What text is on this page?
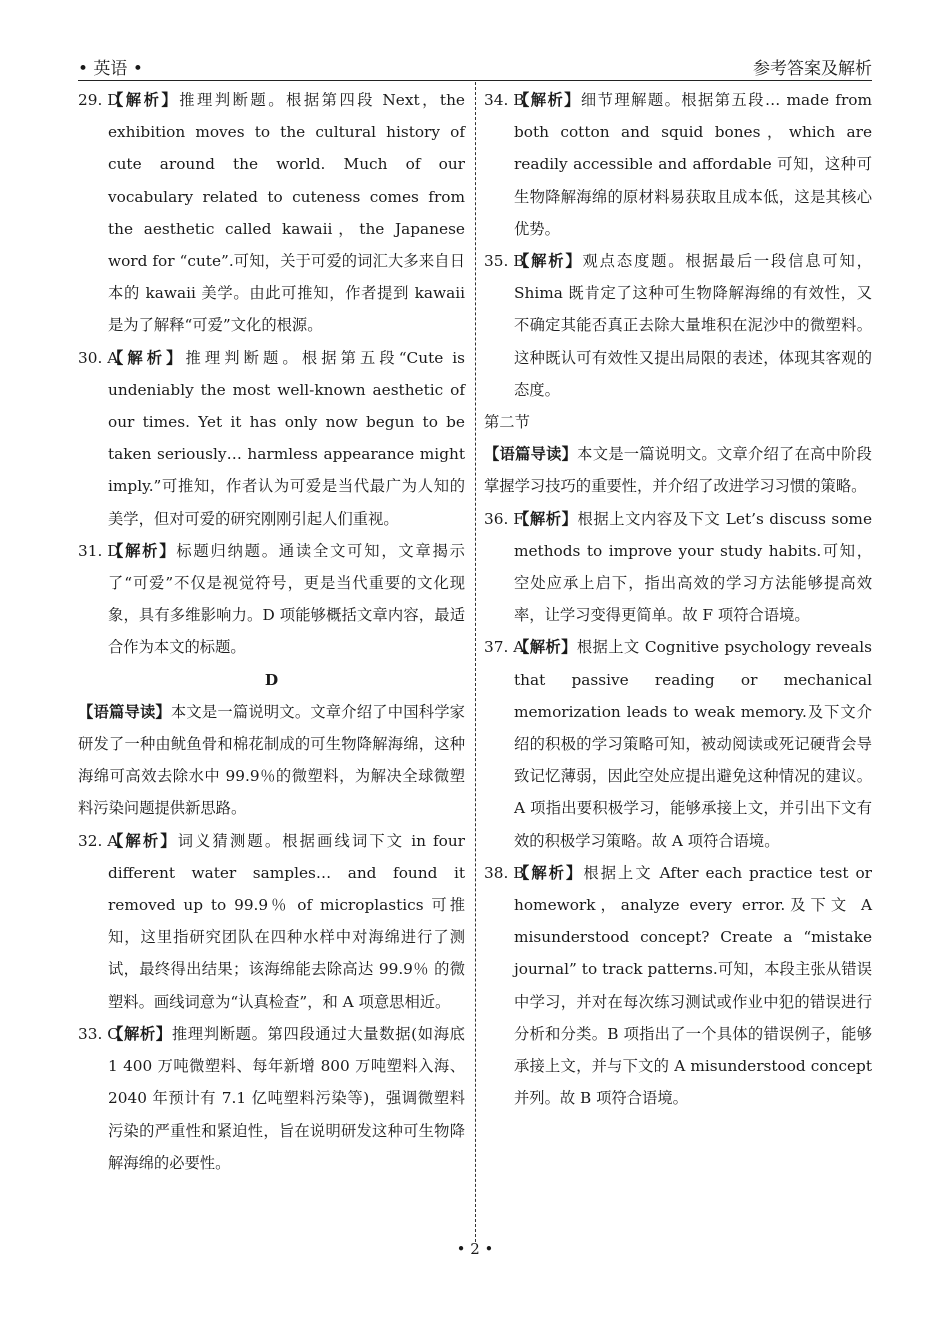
• 英语 •	参考答案及解析
29. D
【解析】推理判断题。根据第四段 Next，the exhibition moves to the cultural history of cute around the world. Much of our vocabulary related to cuteness comes from the aesthetic called kawaii，the Japanese word for “cute”.可知，关于可爱的词汇大多来自日本的 kawaii 美学。由此可推知，作者提到 kawaii 是为了解释“可爱”文化的根源。
30. A
【解析】推理判断题。根据第五段“Cute is undeniably the most well-known aesthetic of our times. Yet it has only now begun to be taken seriously… harmless appearance might imply.”可推知，作者认为可爱是当代最广为人知的美学，但对可爱的研究刚刚引起人们重视。
31. D
【解析】标题归纳题。通读全文可知，文章揭示了“可爱”不仅是视觉符号，更是当代重要的文化现象，具有多维影响力。D 项能够概括文章内容，最适合作为本文的标题。
D
【语篇导读】本文是一篇说明文。文章介绍了中国科学家研发了一种由鱿鱼骨和棉花制成的可生物降解海绵，这种海绵可高效去除水中 99.9％的微塑料，为解决全球微塑料污染问题提供新思路。
32. A
【解析】词义猜测题。根据画线词下文 in four different water samples… and found it removed up to 99.9％ of microplastics 可推知，这里指研究团队在四种水样中对海绵进行了测试，最终得出结果；该海绵能去除高达 99.9％ 的微塑料。画线词意为“认真检查”，和 A 项意思相近。
33. C
【解析】推理判断题。第四段通过大量数据(如海底 1 400 万吨微塑料、每年新增 800 万吨塑料入海、2040 年预计有 7.1 亿吨塑料污染等)，强调微塑料污染的严重性和紧迫性，旨在说明研发这种可生物降解海绵的必要性。
34. B
【解析】细节理解题。根据第五段… made from both cotton and squid bones，which are readily accessible and affordable 可知，这种可生物降解海绵的原材料易获取且成本低，这是其核心优势。
35. B
【解析】观点态度题。根据最后一段信息可知，Shima 既肯定了这种可生物降解海绵的有效性，又不确定其能否真正去除大量堆积在泥沙中的微塑料。这种既认可有效性又提出局限的表述，体现其客观的态度。
第二节
【语篇导读】本文是一篇说明文。文章介绍了在高中阶段掌握学习技巧的重要性，并介绍了改进学习习惯的策略。
36. F
【解析】根据上文内容及下文 Let’s discuss some methods to improve your study habits.可知，空处应承上启下，指出高效的学习方法能够提高效率，让学习变得更简单。故 F 项符合语境。
37. A
【解析】根据上文 Cognitive psychology reveals that passive reading or mechanical memorization leads to weak memory.及下文介绍的积极的学习策略可知，被动阅读或死记硬背会导致记忆薄弱，因此空处应提出避免这种情况的建议。A 项指出要积极学习，能够承接上文，并引出下文有效的积极学习策略。故 A 项符合语境。
38. B
【解析】根据上文 After each practice test or homework，analyze every error.及下文 A misunderstood concept? Create a “mistake journal” to track patterns.可知，本段主张从错误中学习，并对在每次练习测试或作业中犯的错误进行分析和分类。B 项指出了一个具体的错误例子，能够承接上文，并与下文的 A misunderstood concept 并列。故 B 项符合语境。
• 2 •
